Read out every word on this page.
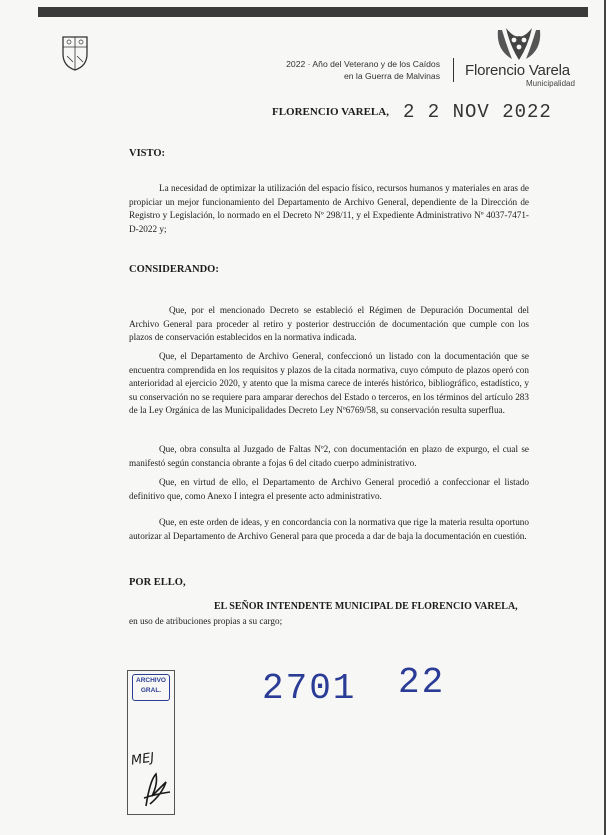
2022 · Año del Veterano y de los Caídos
en la Guerra de Malvinas Florencio Varela
Municipalidad
FLORENCIO VARELA, 2 2 NOV 2022
VISTO:

La necesidad de optimizar la utilización del espacio físico, recursos humanos y materiales en aras de propiciar un mejor funcionamiento del Departamento de Archivo General, dependiente de la Dirección de Registro y Legislación, lo normado en el Decreto Nº 298/11, y el Expediente Administrativo Nº 4037-7471-D-2022 y;

CONSIDERANDO:

Que, por el mencionado Decreto se estableció el Régimen de Depuración Documental del Archivo General para proceder al retiro y posterior destrucción de documentación que cumple con los plazos de conservación establecidos en la normativa indicada.

Que, el Departamento de Archivo General, confeccionó un listado con la documentación que se encuentra comprendida en los requisitos y plazos de la citada normativa, cuyo cómputo de plazos operó con anterioridad al ejercicio 2020, y atento que la misma carece de interés histórico, bibliográfico, estadístico, y su conservación no se requiere para amparar derechos del Estado o terceros, en los términos del artículo 283 de la Ley Orgánica de las Municipalidades Decreto Ley Nº6769/58, su conservación resulta superflua.

Que, obra consulta al Juzgado de Faltas Nº2, con documentación en plazo de expurgo, el cual se manifestó según constancia obrante a fojas 6 del citado cuerpo administrativo.

Que, en virtud de ello, el Departamento de Archivo General procedió a confeccionar el listado definitivo que, como Anexo I integra el presente acto administrativo.

Que, en este orden de ideas, y en concordancia con la normativa que rige la materia resulta oportuno autorizar al Departamento de Archivo General para que proceda a dar de baja la documentación en cuestión.

POR ELLO,
EL SEÑOR INTENDENTE MUNICIPAL DE FLORENCIO VARELA,
en uso de atribuciones propias a su cargo;
ARCHIVO
GRAL.
MEJ
2701 22
